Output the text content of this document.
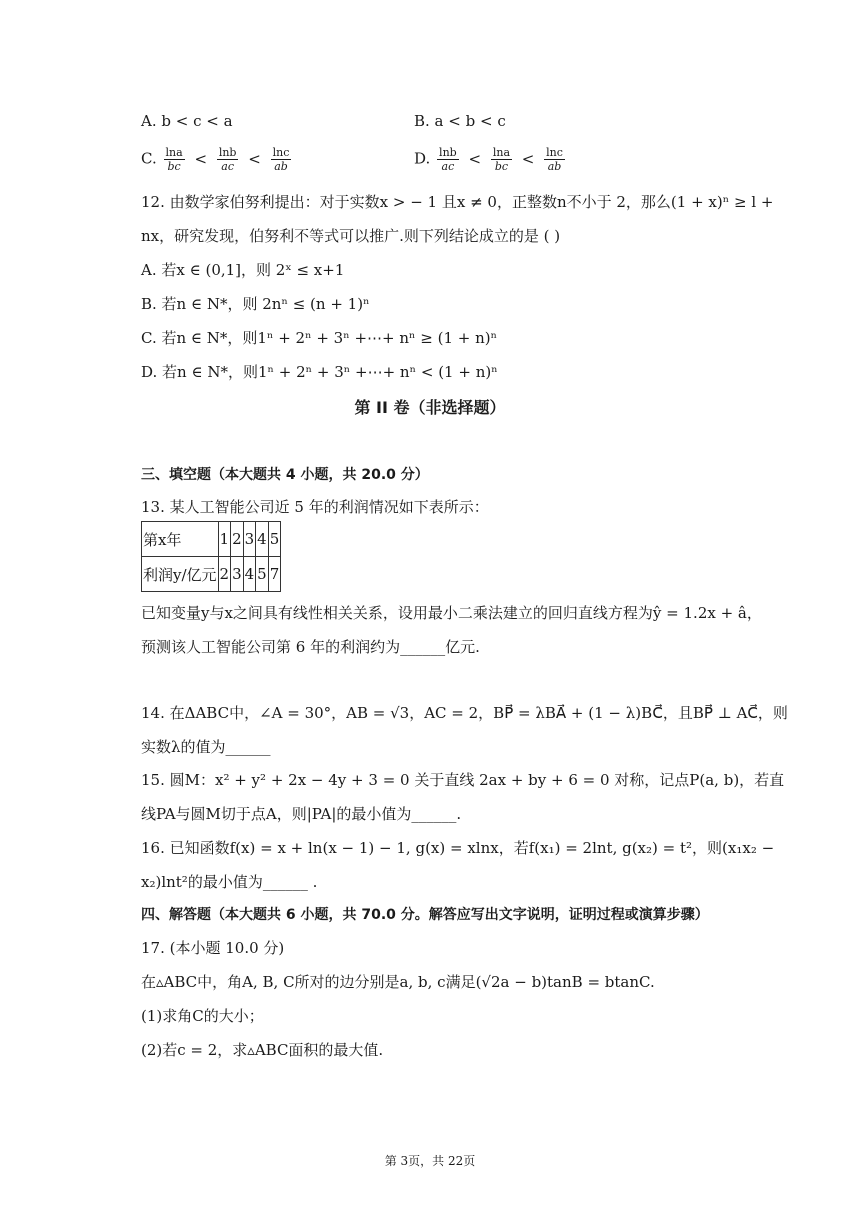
A. b < c < a	B. a < b < c
C. $\frac{\ln a}{bc} < \frac{\ln b}{ac} < \frac{\ln c}{ab}$	D. $\frac{\ln b}{ac} < \frac{\ln a}{bc} < \frac{\ln c}{ab}$
12. 由数学家伯努利提出：对于实数x > − 1 且x ≠ 0，正整数n不小于 2，那么(1 + x)ⁿ ≥ l +
nx，研究发现，伯努利不等式可以推广.则下列结论成立的是 ( )
A. 若x ∈ (0,1]，则 2ˣ ≤ x+1
B. 若n ∈ N*，则 2nⁿ ≤ (n + 1)ⁿ
C. 若n ∈ N*，则1ⁿ + 2ⁿ + 3ⁿ +⋯+ nⁿ ≥ (1 + n)ⁿ
D. 若n ∈ N*，则1ⁿ + 2ⁿ + 3ⁿ +⋯+ nⁿ < (1 + n)ⁿ
第 II 卷（非选择题）
三、填空题（本大题共 4 小题，共 20.0 分）
13. 某人工智能公司近 5 年的利润情况如下表所示：
第x年	1	2	3	4	5
利润y/亿元	2	3	4	5	7
已知变量y与x之间具有线性相关关系，设用最小二乘法建立的回归直线方程为ŷ = 1.2x + â，
预测该人工智能公司第 6 年的利润约为______亿元.
14. 在ΔABC中，∠A = 30°，AB = √3，AC = 2，BP⃗ = λBA⃗ + (1 − λ)BC⃗，且BP⃗ ⊥ AC⃗，则
实数λ的值为______
15. 圆M：x² + y² + 2x − 4y + 3 = 0 关于直线 2ax + by + 6 = 0 对称，记点P(a, b)，若直
线PA与圆M切于点A，则|PA|的最小值为______.
16. 已知函数f(x) = x + ln(x − 1) − 1, g(x) = xlnx，若f(x₁) = 2lnt, g(x₂) = t²，则(x₁x₂ −
x₂)lnt²的最小值为______ .
四、解答题（本大题共 6 小题，共 70.0 分。解答应写出文字说明，证明过程或演算步骤）
17. (本小题 10.0 分)
在▵ABC中，角A, B, C所对的边分别是a, b, c满足(√2a − b)tanB = btanC.
(1)求角C的大小；
(2)若c = 2，求▵ABC面积的最大值.
第 3页，共 22页
